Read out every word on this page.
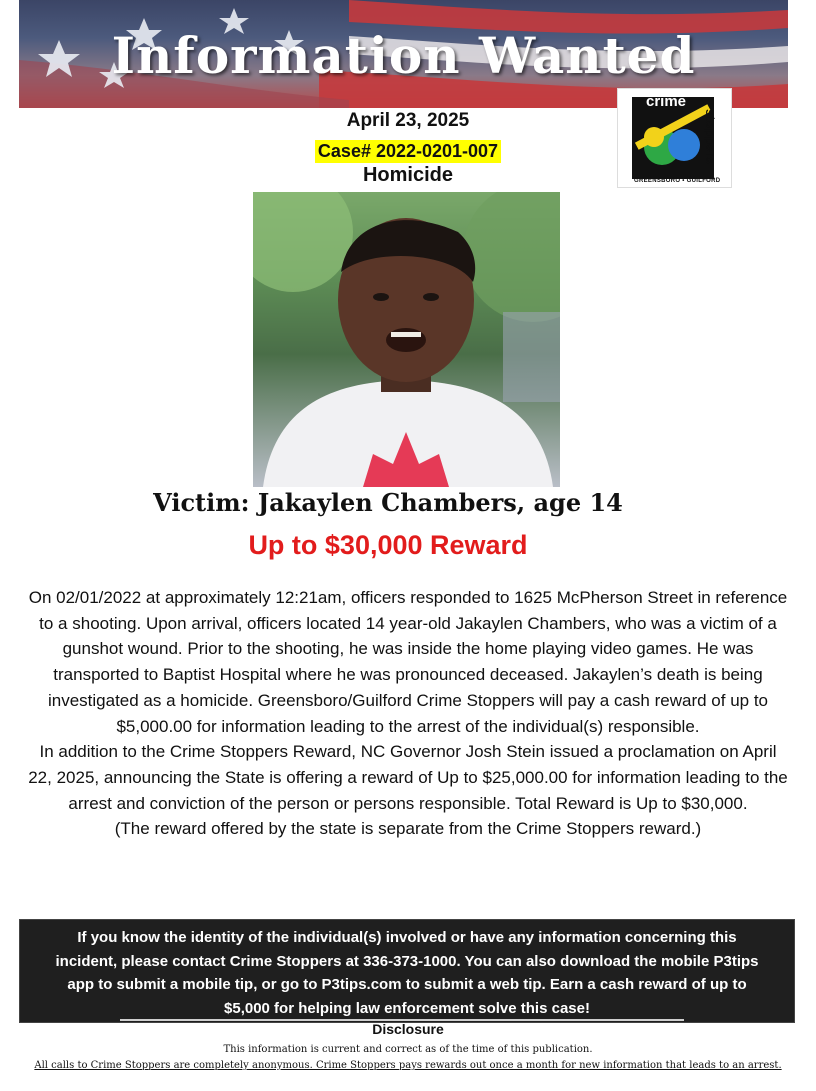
Information Wanted
crime
stoppers
GREENSBORO • GUILFORD
April 23, 2025
Case# 2022-0201-007
Homicide
Victim: Jakaylen Chambers, age 14
Up to $30,000 Reward

On 02/01/2022 at approximately 12:21am, officers responded to 1625 McPherson Street in reference to a shooting. Upon arrival, officers located 14 year-old Jakaylen Chambers, who was a victim of a gunshot wound. Prior to the shooting, he was inside the home playing video games. He was transported to Baptist Hospital where he was pronounced deceased. Jakaylen’s death is being investigated as a homicide. Greensboro/Guilford Crime Stoppers will pay a cash reward of up to $5,000.00 for information leading to the arrest of the individual(s) responsible.

In addition to the Crime Stoppers Reward, NC Governor Josh Stein issued a proclamation on April 22, 2025, announcing the State is offering a reward of Up to $25,000.00 for information leading to the arrest and conviction of the person or persons responsible. Total Reward is Up to $30,000.

(The reward offered by the state is separate from the Crime Stoppers reward.)

If you know the identity of the individual(s) involved or have any information concerning this incident, please contact Crime Stoppers at 336-373-1000. You can also download the mobile P3tips app to submit a mobile tip, or go to P3tips.com to submit a web tip. Earn a cash reward of up to $5,000 for helping law enforcement solve this case!
Disclosure
This information is current and correct as of the time of this publication.
All calls to Crime Stoppers are completely anonymous. Crime Stoppers pays rewards out once a month for new information that leads to an arrest.
